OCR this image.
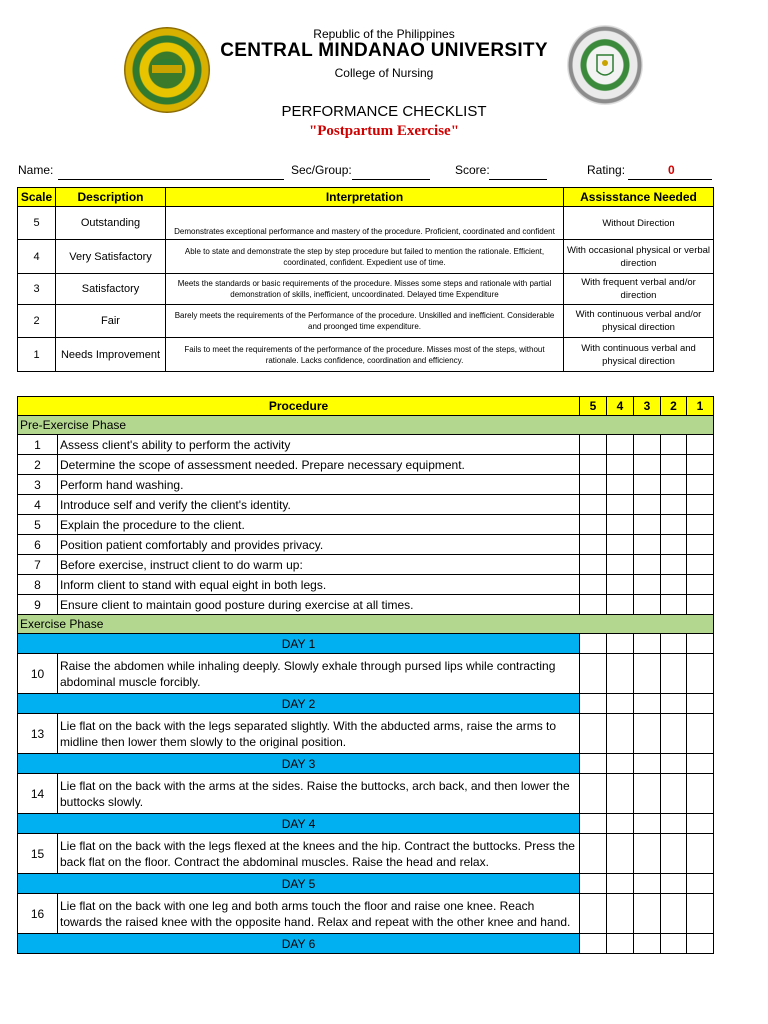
Republic of the Philippines
CENTRAL MINDANAO UNIVERSITY
College of Nursing
PERFORMANCE CHECKLIST
"Postpartum Exercise"
Name:	Sec/Group:	Score:	Rating:	0
Scale	Description	Interpretation	Assisstance Needed
5	Outstanding	Demonstrates exceptional performance and mastery of the procedure. Proficient, coordinated and confident	Without Direction
4	Very Satisfactory	Able to state and demonstrate the step by step procedure but failed to mention the rationale. Efficient, coordinated, confident. Expedient use of time.	With occasional physical or verbal direction
3	Satisfactory	Meets the standards or basic requirements of the procedure. Misses some steps and rationale with partial demonstration of skills, inefficient, uncoordinated. Delayed time Expenditure	With frequent verbal and/or direction
2	Fair	Barely meets the requirements of the Performance of the procedure. Unskilled and inefficient. Considerable and proonged time expenditure.	With continuous verbal and/or physical direction
1	Needs Improvement	Fails to meet the requirements of the performance of the procedure. Misses most of the steps, without rationale. Lacks confidence, coordination and efficiency.	With continuous verbal and physical direction
Procedure		5	4	3	2	1
Pre-Exercise Phase						
1	Assess client's ability to perform the activity					
2	Determine the scope of assessment needed. Prepare necessary equipment.					
3	Perform hand washing.					
4	Introduce self and verify the client's identity.					
5	Explain the procedure to the client.					
6	Position patient comfortably and provides privacy.					
7	Before exercise, instruct client to do warm up:					
8	Inform client to stand with equal eight in both legs.					
9	Ensure client to maintain good posture during exercise at all times.					
Exercise Phase						
DAY 1						
10	Raise the abdomen while inhaling deeply. Slowly exhale through pursed lips while contracting abdominal muscle forcibly.					
DAY 2						
13	Lie flat on the back with the legs separated slightly. With the abducted arms, raise the arms to midline then lower them slowly to the original position.					
DAY 3						
14	Lie flat on the back with the arms at the sides. Raise the buttocks, arch back, and then lower the buttocks slowly.					
DAY 4						
15	Lie flat on the back with the legs flexed at the knees and the hip. Contract the buttocks. Press the back flat on the floor. Contract the abdominal muscles. Raise the head and relax.					
DAY 5						
16	Lie flat on the back with one leg and both arms touch the floor and raise one knee. Reach towards the raised knee with the opposite hand. Relax and repeat with the other knee and hand.					
DAY 6						
